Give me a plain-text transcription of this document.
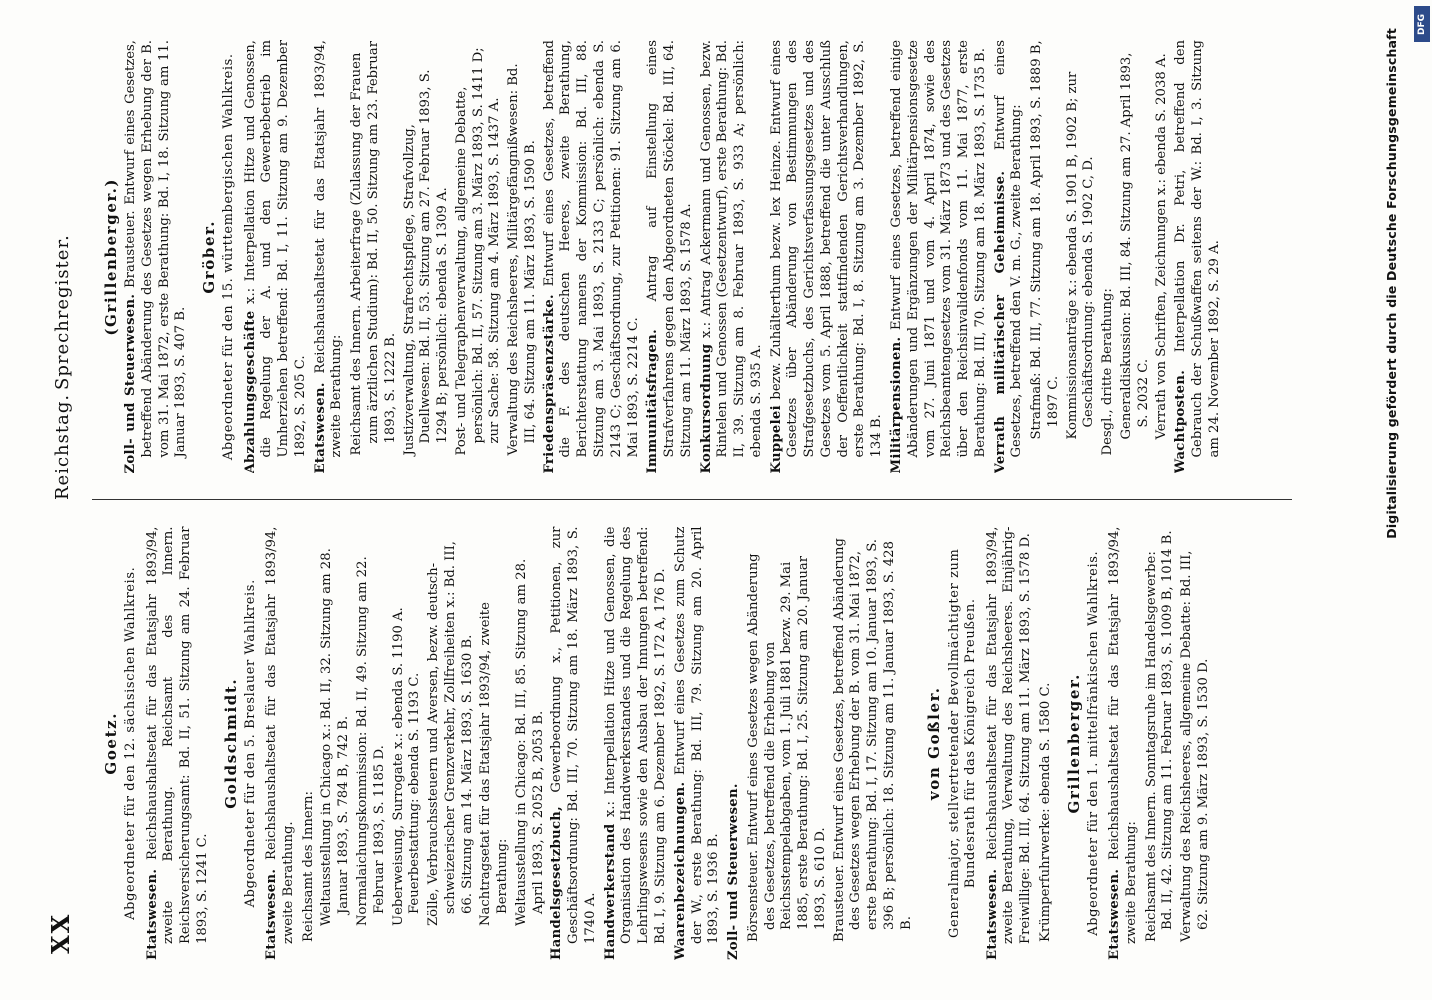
DFG
XX
Reichstag.
Sprechregister.
Goetz. Abgeordneter für den 12. sächsischen Wahlkreis. Etatswesen. Reichshaushaltsetat für das Etatsjahr 1893/94, zweite Berathung. Reichsamt des Innern. Reichsversicherungsamt: Bd. II, 51. Sitzung am 24. Februar 1893, S. 1241 C.
Goldschmidt. Abgeordneter für den 5. Breslauer Wahlkreis.
Etatswesen. Reichshaushaltsetat für das Etatsjahr 1893/94, zweite Berathung. Reichsamt des Innern: Weltausstellung in Chicago x.: Bd. II, 32. Sitzung am 28. Januar 1893, S. 784 B, 742 B. Normalaichungskommission: Bd. II, 49. Sitzung am 22. Februar 1893, S. 1185 D. Ueberweisung, Surrogate x.: ebenda S. 1190 A. Feuerbestattung: ebenda S. 1193 C. Zölle, Verbrauchssteuern und Aversen, bezw. deutsch-schweizerischer Grenzverkehr, Zollfreiheiten x.: Bd. III, 66. Sitzung am 14. März 1893, S. 1630 B. Nachtragsetat für das Etatsjahr 1893/94, zweite Berathung: Weltausstellung in Chicago: Bd. III, 85. Sitzung am 28. April 1893, S. 2052 B, 2053 B. Handelsgesetzbuch, Gewerbeordnung x., Petitionen, zur Geschäftsordnung: Bd. III, 70. Sitzung am 18. März 1893, S. 1740 A. Handwerkerstand x.: Interpellation Hitze und Genossen, die Organisation des Handwerkerstandes und die Regelung des Lehrlingswesens sowie den Ausbau der Innungen betreffend: Bd. I, 9. Sitzung am 6. Dezember 1892, S. 172 A, 176 D. Waarenbezeichnungen. Entwurf eines Gesetzes zum Schutz der W., erste Berathung: Bd. III, 79. Sitzung am 20. April 1893, S. 1936 B. Zoll- und Steuerwesen. Börsensteuer. Entwurf eines Gesetzes wegen Abänderung des Gesetzes, betreffend die Erhebung von Reichsstempelabgaben, vom 1. Juli 1881 bezw. 29. Mai 1885, erste Berathung: Bd. I, 25. Sitzung am 20. Januar 1893, S. 610 D. Brausteuer. Entwurf eines Gesetzes, betreffend Abänderung des Gesetzes wegen Erhebung der B. vom 31. Mai 1872, erste Berathung: Bd. I, 17. Sitzung am 10. Januar 1893, S. 396 B; persönlich: 18. Sitzung am 11. Januar 1893, S. 428 B.
von Goßler. Generalmajor, stellvertretender Bevollmächtigter zum Bundesrath für das Königreich Preußen.
Etatswesen. Reichshaushaltsetat für das Etatsjahr 1893/94, zweite Berathung, Verwaltung des Reichsheeres. Einjährig-Freiwillige: Bd. III, 64. Sitzung am 11. März 1893, S. 1578 D. Krümperfuhrwerke: ebenda S. 1580 C. Grillenberger. Abgeordneter für den 1. mittelfränkischen Wahlkreis. Etatswesen. Reichshaushaltsetat für das Etatsjahr 1893/94, zweite Berathung: Reichsamt des Innern. Sonntagsruhe im Handelsgewerbe: Bd. II, 42. Sitzung am 11. Februar 1893, S. 1009 B, 1014 B. Verwaltung des Reichsheeres, allgemeine Debatte: Bd. III, 62. Sitzung am 9. März 1893, S. 1530 D.
(Grillenberger.)
Zoll- und Steuerwesen. Brausteuer. Entwurf eines Gesetzes, betreffend Abänderung des Gesetzes wegen Erhebung der B. vom 31. Mai 1872, erste Berathung: Bd. I, 18. Sitzung am 11. Januar 1893, S. 407 B.
Gröber. Abgeordneter für den 15. württembergischen Wahlkreis. Abzahlungsgeschäfte x.: Interpellation Hitze und Genossen, die Regelung der A. und den Gewerbebetrieb im Umherziehen betreffend: Bd. I, 11. Sitzung am 9. Dezember 1892, S. 205 C. Etatswesen. Reichshaushaltsetat für das Etatsjahr 1893/94, zweite Berathung: Reichsamt des Innern. Arbeiterfrage (Zulassung der Frauen zum ärztlichen Studium): Bd. II, 50. Sitzung am 23. Februar 1893, S. 1222 B. Justizverwaltung, Strafrechtspflege, Strafvollzug, Duellwesen: Bd. II, 53. Sitzung am 27. Februar 1893, S. 1294 B; persönlich: ebenda S. 1309 A. Post- und Telegraphenverwaltung, allgemeine Debatte, persönlich: Bd. II, 57. Sitzung am 3. März 1893, S. 1411 D; zur Sache: 58. Sitzung am 4. März 1893, S. 1437 A. Verwaltung des Reichsheeres, Militärgefängnißwesen: Bd. III, 64. Sitzung am 11. März 1893, S. 1590 B. Friedenspräsenzstärke. Entwurf eines Gesetzes, betreffend die F. des deutschen Heeres, zweite Berathung, Berichterstattung namens der Kommission: Bd. III, 88. Sitzung am 3. Mai 1893, S. 2133 C; persönlich: ebenda S. 2143 C; Geschäftsordnung, zur Petitionen: 91. Sitzung am 6. Mai 1893, S. 2214 C. Immunitätsfragen. Antrag auf Einstellung eines Strafverfahrens gegen den Abgeordneten Stöckel: Bd. III, 64. Sitzung am 11. März 1893, S. 1578 A. Konkursordnung x.: Antrag Ackermann und Genossen, bezw. Rintelen und Genossen (Gesetzentwurf), erste Berathung: Bd. II, 39. Sitzung am 8. Februar 1893, S. 933 A; persönlich: ebenda S. 935 A. Kuppelei bezw. Zuhälterthum bezw. lex Heinze. Entwurf eines Gesetzes über Abänderung von Bestimmungen des Strafgesetzbuchs, des Gerichtsverfassungsgesetzes und des Gesetzes vom 5. April 1888, betreffend die unter Ausschluß der Oeffentlichkeit stattfindenden Gerichtsverhandlungen, erste Berathung: Bd. I, 8. Sitzung am 3. Dezember 1892, S. 134 B. Militärpensionen. Entwurf eines Gesetzes, betreffend einige Abänderungen und Ergänzungen der Militärpensionsgesetze vom 27. Juni 1871 und vom 4. April 1874, sowie des Reichsbeamtengesetzes vom 31. März 1873 und des Gesetzes über den Reichsinvalidenfonds vom 11. Mai 1877, erste Berathung: Bd. III, 70. Sitzung am 18. März 1893, S. 1735 B. Verrath militärischer Geheimnisse. Entwurf eines Gesetzes, betreffend den V. m. G., zweite Berathung: Strafmaß: Bd. III, 77. Sitzung am 18. April 1893, S. 1889 B, 1897 C. Kommissionsanträge x.: ebenda S. 1901 B, 1902 B; zur Geschäftsordnung: ebenda S. 1902 C, D. Desgl., dritte Berathung: Generaldiskussion: Bd. III, 84. Sitzung am 27. April 1893, S. 2032 C. Verrath von Schriften, Zeichnungen x.: ebenda S. 2038 A. Wachtposten. Interpellation Dr. Petri, betreffend den Gebrauch der Schußwaffen seitens der W.: Bd. I, 3. Sitzung am 24. November 1892, S. 29 A.	Digitalisierung gefördert durch die Deutsche Forschungsgemeinschaft
